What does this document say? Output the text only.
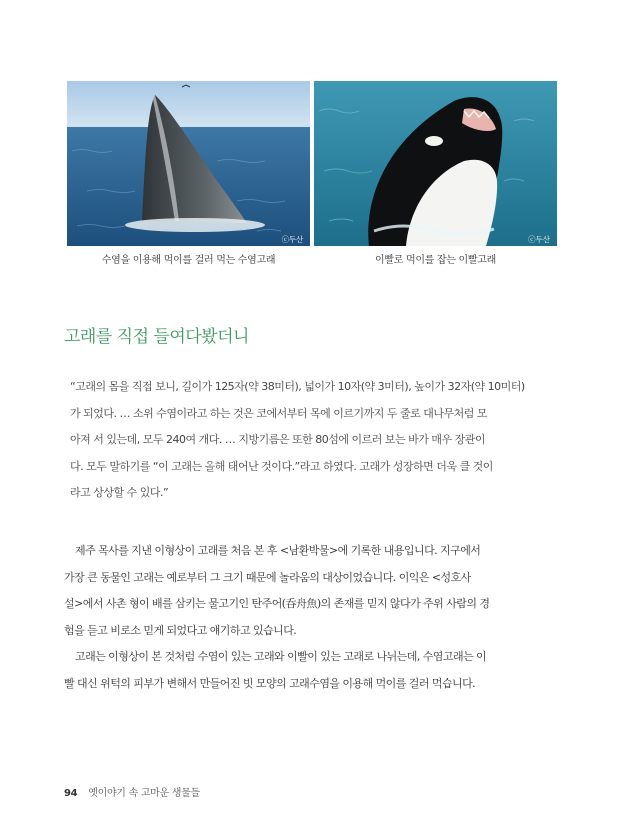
ⓒ두산	ⓒ두산
수염을 이용해 먹이를 걸러 먹는 수염고래	이빨로 먹이를 잡는 이빨고래
고래를 직접 들여다봤더니
“고래의 몸을 직접 보니, 길이가 125자(약 38미터), 넓이가 10자(약 3미터), 높이가 32자(약 10미터)
가 되었다. … 소위 수염이라고 하는 것은 코에서부터 목에 이르기까지 두 줄로 대나무처럼 모
아져 서 있는데, 모두 240여 개다. … 지방기름은 또한 80섬에 이르러 보는 바가 매우 장관이
다. 모두 말하기를 “이 고래는 올해 태어난 것이다.”라고 하였다. 고래가 성장하면 더욱 클 것이
라고 상상할 수 있다.”
제주 목사를 지낸 이형상이 고래를 처음 본 후 <남환박물>에 기록한 내용입니다. 지구에서
가장 큰 동물인 고래는 예로부터 그 크기 때문에 놀라움의 대상이었습니다. 이익은 <성호사
설>에서 사촌 형이 배를 삼키는 물고기인 탄주어(呑舟魚)의 존재를 믿지 않다가 주위 사람의 경
험을 듣고 비로소 믿게 되었다고 얘기하고 있습니다.
고래는 이형상이 본 것처럼 수염이 있는 고래와 이빨이 있는 고래로 나뉘는데, 수염고래는 이
빨 대신 위턱의 피부가 변해서 만들어진 빗 모양의 고래수염을 이용해 먹이를 걸러 먹습니다.
94 옛이야기 속 고마운 생물들
